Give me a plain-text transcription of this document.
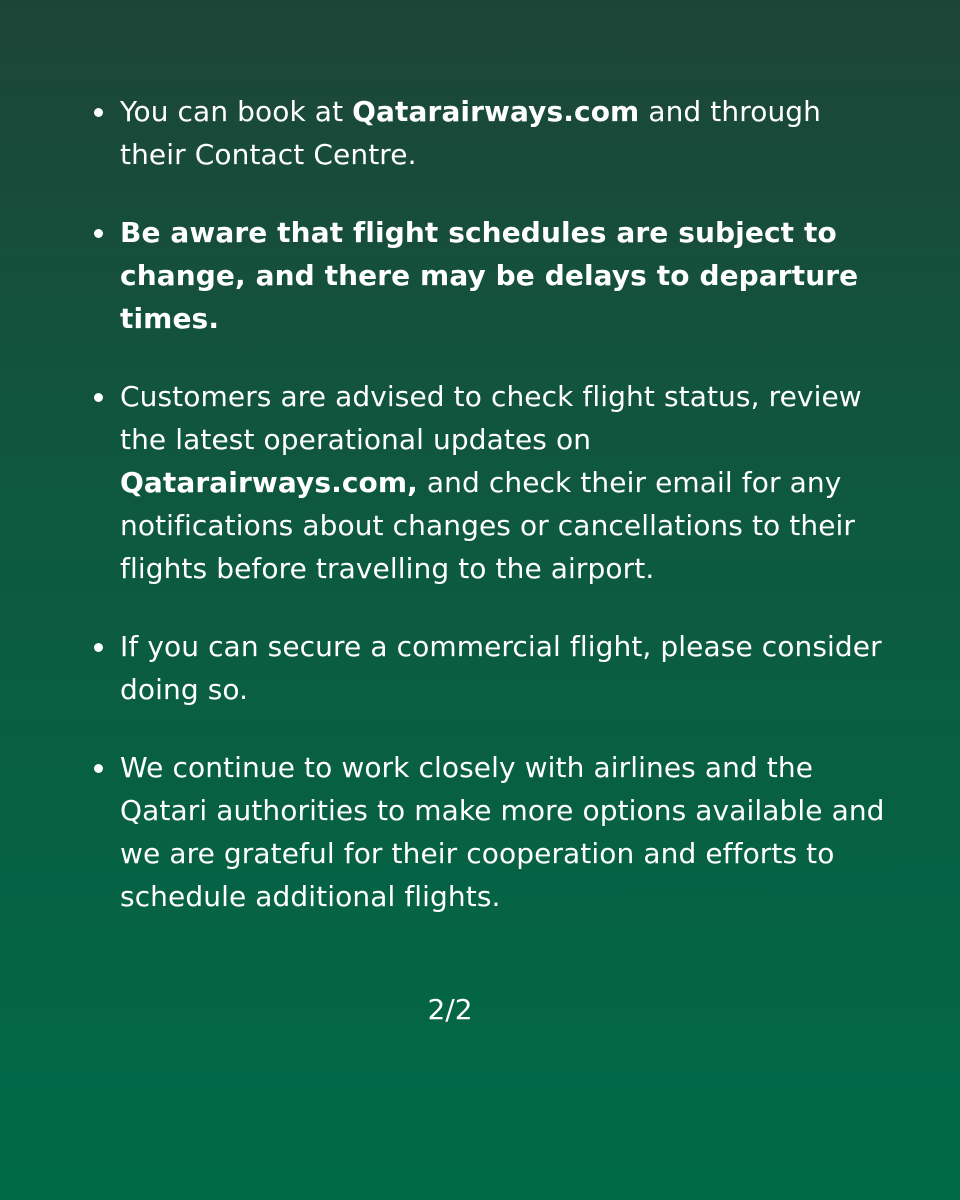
You can book at Qatarairways.com and through their Contact Centre.
Be aware that flight schedules are subject to change, and there may be delays to departure times.
Customers are advised to check flight status, review the latest operational updates on Qatarairways.com, and check their email for any notifications about changes or cancellations to their flights before travelling to the airport.
If you can secure a commercial flight, please consider doing so.
We continue to work closely with airlines and the Qatari authorities to make more options available and we are grateful for their cooperation and efforts to schedule additional flights.
2/2
